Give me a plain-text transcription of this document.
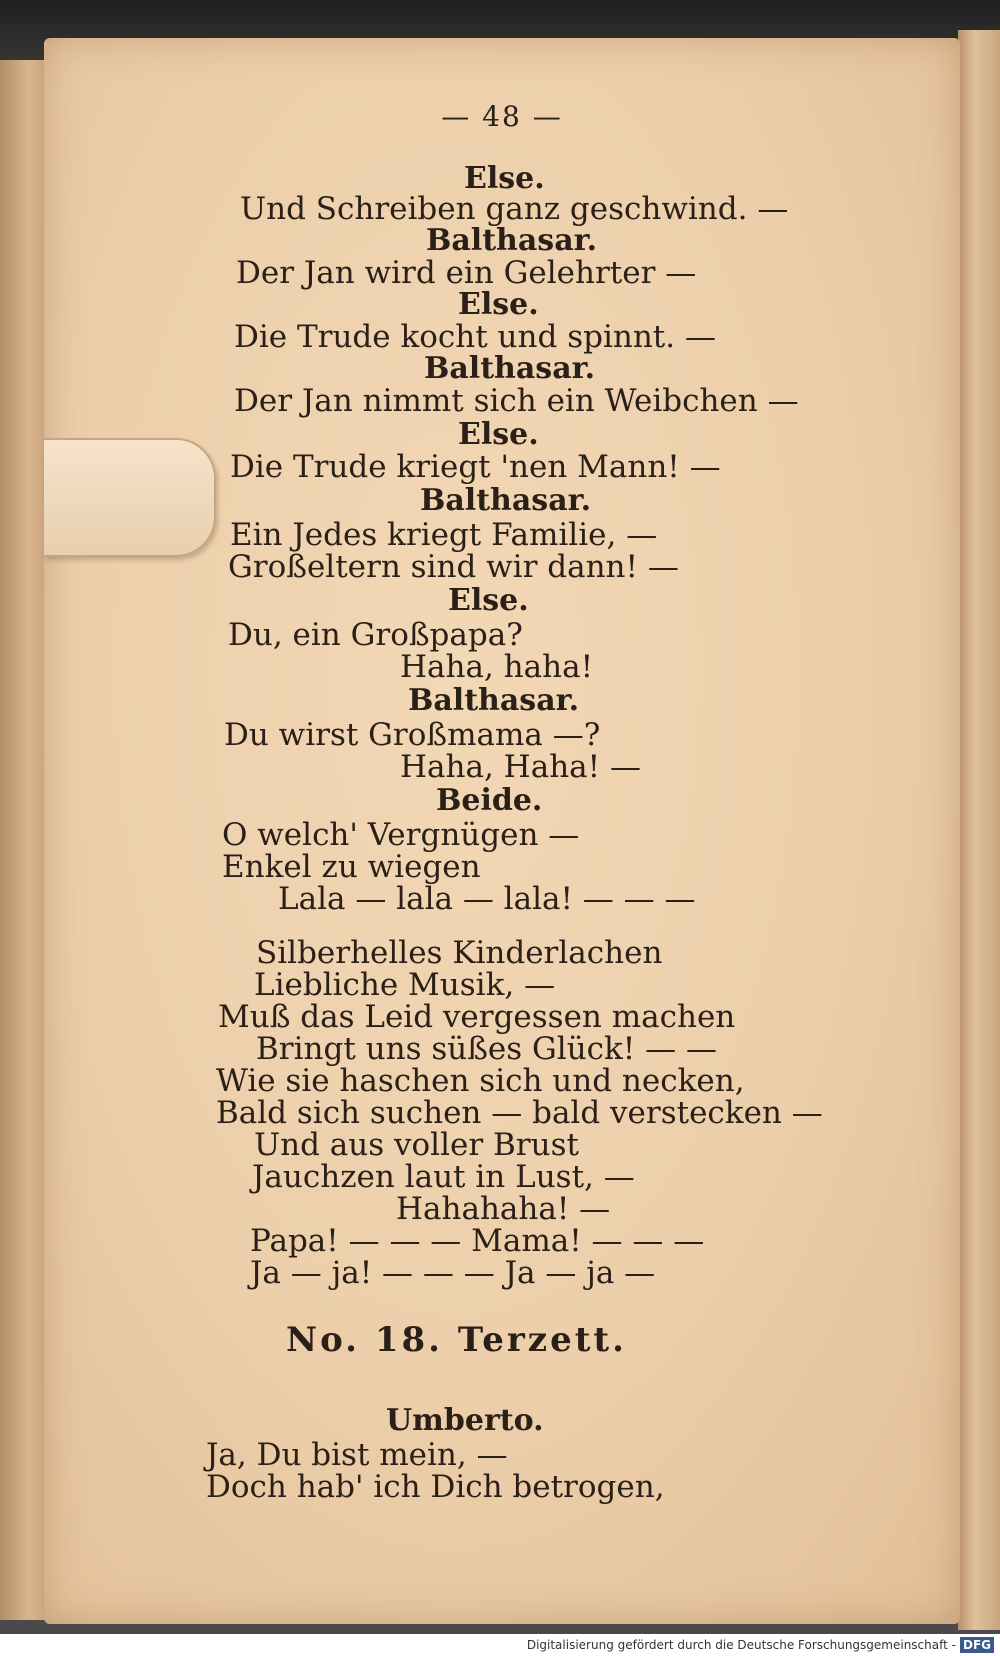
— 48 —
Else.
Und Schreiben ganz geschwind. —
Balthasar.
Der Jan wird ein Gelehrter —
Else.
Die Trude kocht und spinnt. —
Balthasar.
Der Jan nimmt sich ein Weibchen —
Else.
Die Trude kriegt 'nen Mann! —
Balthasar.
Ein Jedes kriegt Familie, —
Großeltern sind wir dann! —
Else.
Du, ein Großpapa?
Haha, haha!
Balthasar.
Du wirst Großmama —?
Haha, Haha! —
Beide.
O welch' Vergnügen —
Enkel zu wiegen
Lala — lala — lala! — — —
Silberhelles Kinderlachen
Liebliche Musik, —
Muß das Leid vergessen machen
Bringt uns süßes Glück! — —
Wie sie haschen sich und necken,
Bald sich suchen — bald verstecken —
Und aus voller Brust
Jauchzen laut in Lust, —
Hahahaha! —
Papa! — — — Mama! — — —
Ja — ja! — — — Ja — ja —
No. 18. Terzett.
Umberto.
Ja, Du bist mein, —
Doch hab' ich Dich betrogen,
Digitalisierung gefördert durch die Deutsche Forschungsgemeinschaft - DFG
